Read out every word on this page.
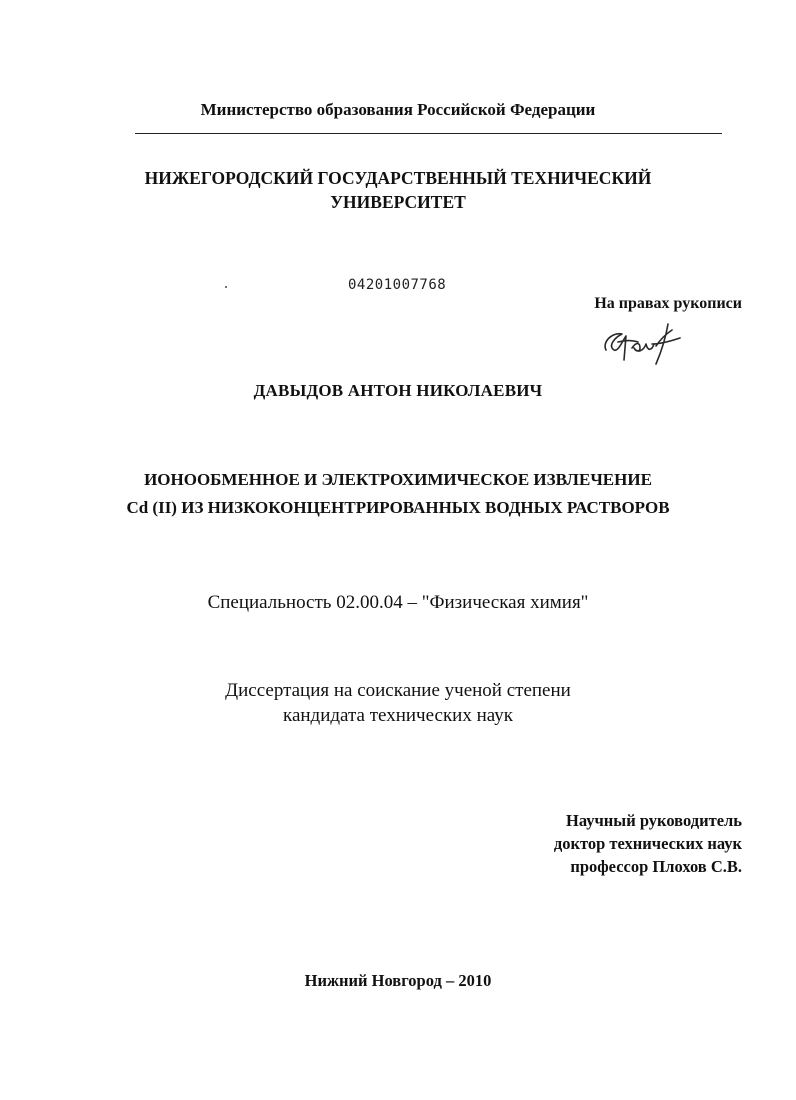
Министерство образования Российской Федерации
НИЖЕГОРОДСКИЙ ГОСУДАРСТВЕННЫЙ ТЕХНИЧЕСКИЙ
УНИВЕРСИТЕТ
04201007768
На правах рукописи
ДАВЫДОВ АНТОН НИКОЛАЕВИЧ
ИОНООБМЕННОЕ И ЭЛЕКТРОХИМИЧЕСКОЕ ИЗВЛЕЧЕНИЕ
Cd (II) ИЗ НИЗКОКОНЦЕНТРИРОВАННЫХ ВОДНЫХ РАСТВОРОВ
Специальность 02.00.04 – "Физическая химия"
Диссертация на соискание ученой степени
кандидата технических наук
Научный руководитель
доктор технических наук
профессор Плохов С.В.
Нижний Новгород – 2010
